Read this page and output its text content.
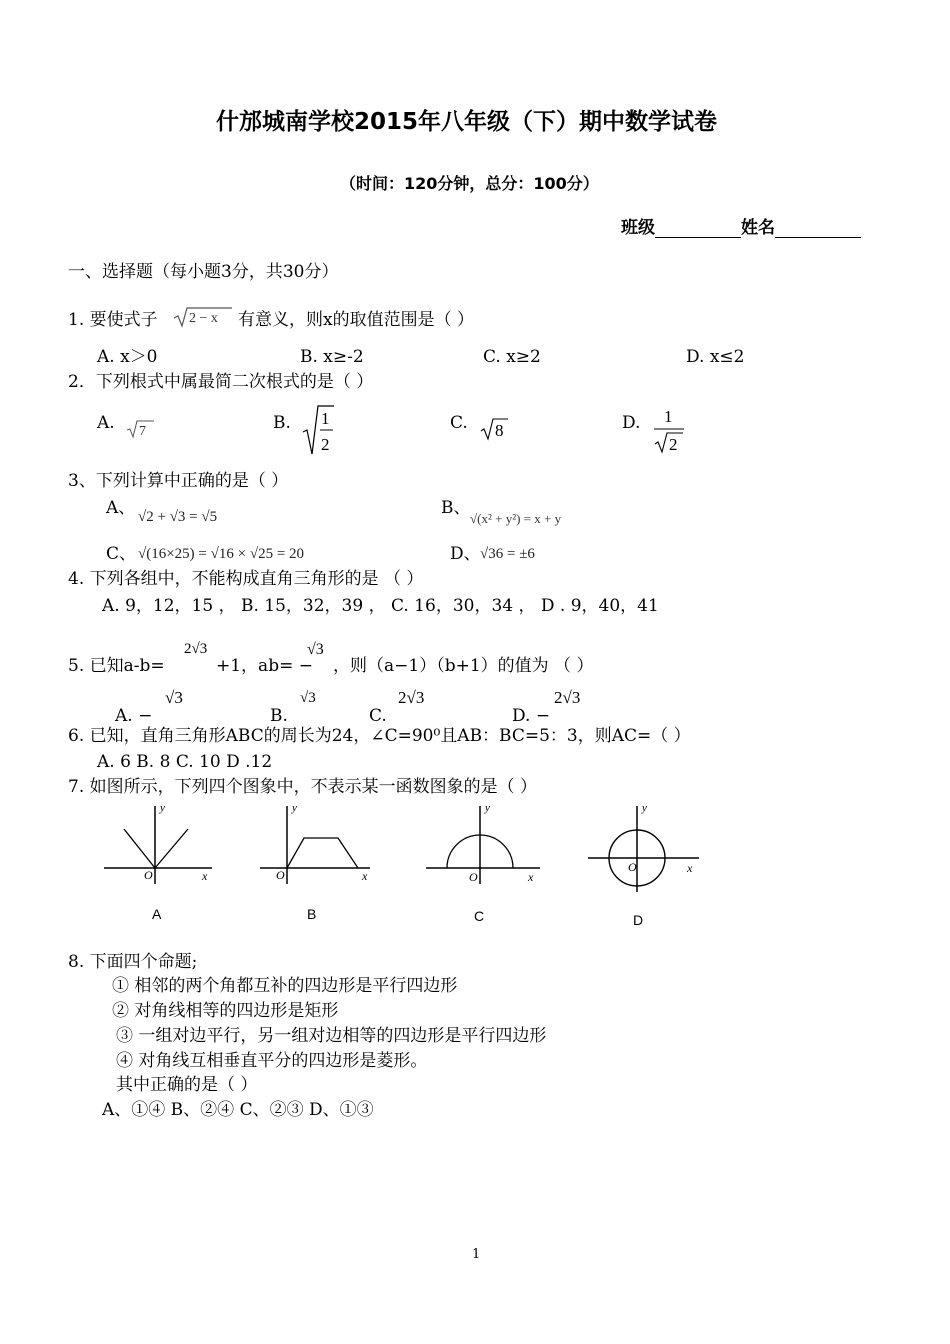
什邡城南学校2015年八年级（下）期中数学试卷
（时间：120分钟，总分：100分）
班级	姓名
一、选择题（每小题3分，共30分）
1. 要使式子 2 − x 有意义，则x的取值范围是（ ）
A. x＞0	B. x≥-2	C. x≥2	D. x≤2
2．下列根式中属最简二次根式的是（ ）
A. 7	B. 1
2
C. 8	D. 1
2
3、下列计算中正确的是（ ）
A、 √2 + √3 = √5	B、
√(x² + y²) = x + y
C、 √(16×25) = √16 × √25 = 20	D、 √36 = ±6
4. 下列各组中，不能构成直角三角形的是 （ ）
A. 9，12，15 ， B. 15，32，39 ， C. 16，30，34 ， D . 9，40，41
5. 已知a-b=
2√3
+1，ab= −
√3
，则（a−1）（b+1）的值为 （ ）
A. −
√3
B.
√3
C.
2√3
D. −
2√3
6. 已知，直角三角形ABC的周长为24，∠C=90⁰且AB：BC=5：3，则AC=（ ）
A. 6 B. 8 C. 10 D .12
7. 如图所示，下列四个图象中，不表示某一函数图象的是（ ）
y
x
O
A
y
x
O
B
y
x
O
C
y
x
O
D
8. 下面四个命题;
① 相邻的两个角都互补的四边形是平行四边形
② 对角线相等的四边形是矩形
③ 一组对边平行，另一组对边相等的四边形是平行四边形
④ 对角线互相垂直平分的四边形是菱形。
其中正确的是（ ）
A、①④ B、②④ C、②③ D、①③
1
